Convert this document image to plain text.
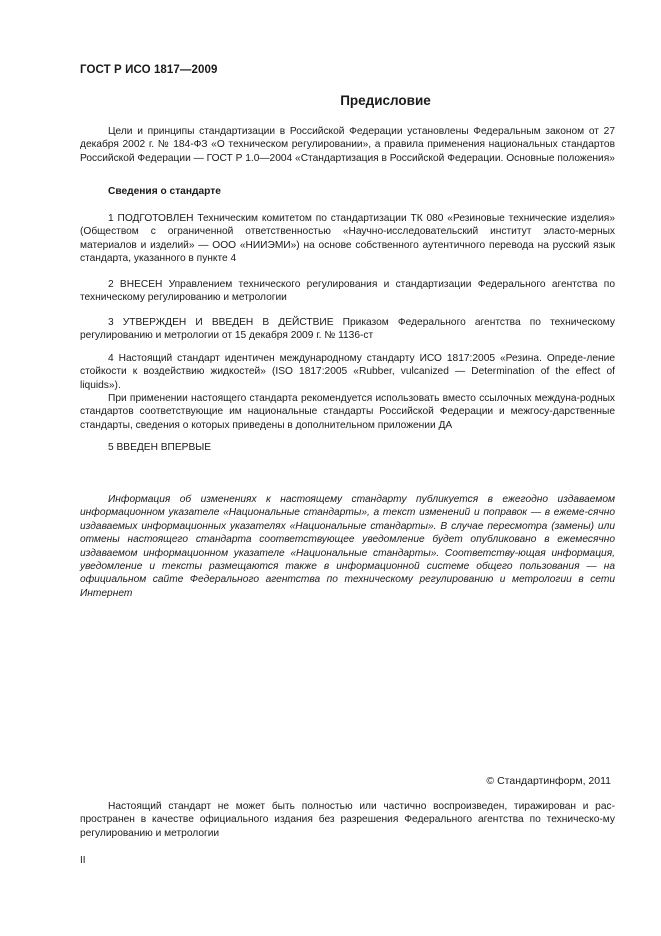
ГОСТ Р ИСО 1817—2009
Предисловие
Цели и принципы стандартизации в Российской Федерации установлены Федеральным законом от 27 декабря 2002 г. № 184-ФЗ «О техническом регулировании», а правила применения национальных стандартов Российской Федерации — ГОСТ Р 1.0—2004 «Стандартизация в Российской Федерации. Основные положения»
Сведения о стандарте
1 ПОДГОТОВЛЕН Техническим комитетом по стандартизации ТК 080 «Резиновые технические изделия» (Обществом с ограниченной ответственностью «Научно-исследовательский институт эласто-мерных материалов и изделий» — ООО «НИИЭМИ») на основе собственного аутентичного перевода на русский язык стандарта, указанного в пункте 4
2 ВНЕСЕН Управлением технического регулирования и стандартизации Федерального агентства по техническому регулированию и метрологии
3 УТВЕРЖДЕН И ВВЕДЕН В ДЕЙСТВИЕ Приказом Федерального агентства по техническому регулированию и метрологии от 15 декабря 2009 г. № 1136-ст
4 Настоящий стандарт идентичен международному стандарту ИСО 1817:2005 «Резина. Опреде-ление стойкости к воздействию жидкостей» (ISO 1817:2005 «Rubber, vulcanized — Determination of the effect of liquids»).
При применении настоящего стандарта рекомендуется использовать вместо ссылочных междуна-родных стандартов соответствующие им национальные стандарты Российской Федерации и межгосу-дарственные стандарты, сведения о которых приведены в дополнительном приложении ДА
5 ВВЕДЕН ВПЕРВЫЕ
Информация об изменениях к настоящему стандарту публикуется в ежегодно издаваемом информационном указателе «Национальные стандарты», а текст изменений и поправок — в ежеме-сячно издаваемых информационных указателях «Национальные стандарты». В случае пересмотра (замены) или отмены настоящего стандарта соответствующее уведомление будет опубликовано в ежемесячно издаваемом информационном указателе «Национальные стандарты». Соответству-ющая информация, уведомление и тексты размещаются также в информационной системе общего пользования — на официальном сайте Федерального агентства по техническому регулированию и метрологии в сети Интернет
© Стандартинформ, 2011
Настоящий стандарт не может быть полностью или частично воспроизведен, тиражирован и рас-пространен в качестве официального издания без разрешения Федерального агентства по техническо-му регулированию и метрологии
II
